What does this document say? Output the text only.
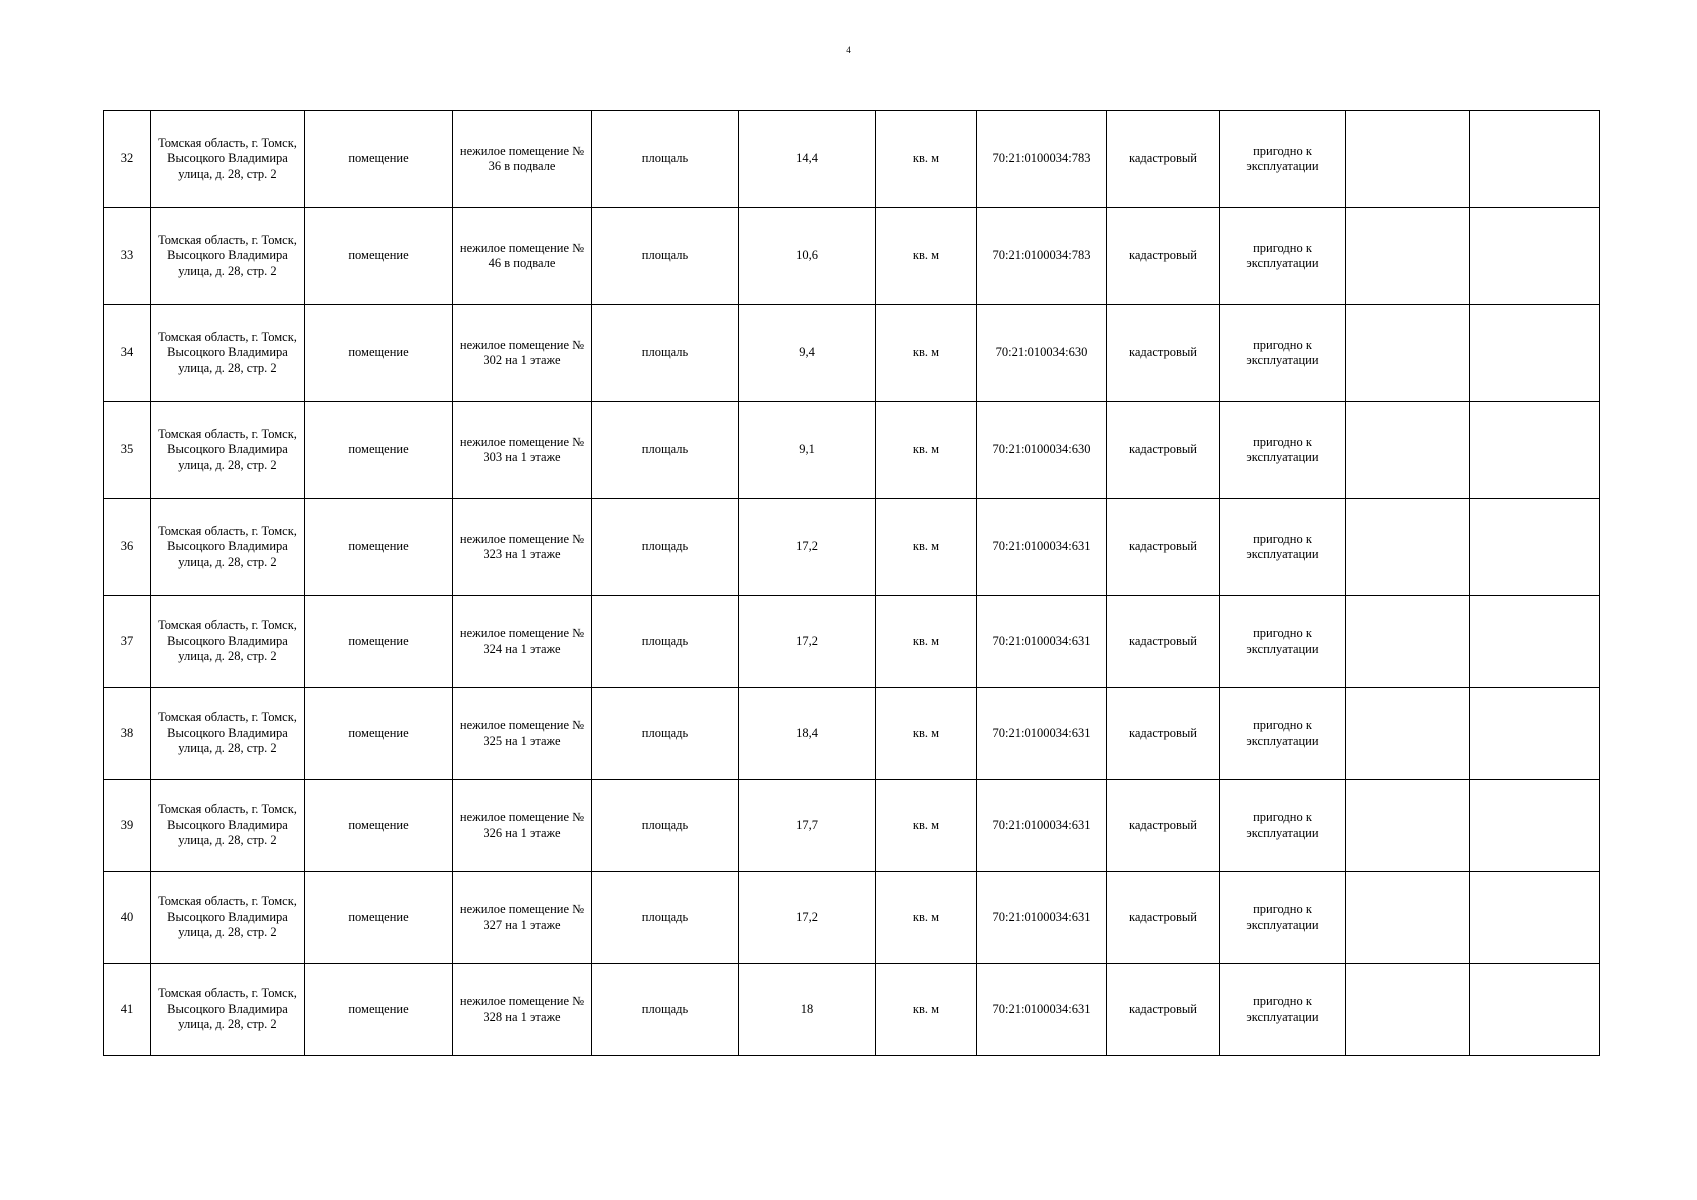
4
32	Томская область, г. Томск, Высоцкого Владимира улица, д. 28, стр. 2	помещение	нежилое помещение № 36 в подвале	площаль	14,4	кв. м	70:21:0100034:783	кадастровый	пригодно к эксплуатации		
33	Томская область, г. Томск, Высоцкого Владимира улица, д. 28, стр. 2	помещение	нежилое помещение № 46 в подвале	площаль	10,6	кв. м	70:21:0100034:783	кадастровый	пригодно к эксплуатации		
34	Томская область, г. Томск, Высоцкого Владимира улица, д. 28, стр. 2	помещение	нежилое помещение № 302 на 1 этаже	площаль	9,4	кв. м	70:21:010034:630	кадастровый	пригодно к эксплуатации		
35	Томская область, г. Томск, Высоцкого Владимира улица, д. 28, стр. 2	помещение	нежилое помещение № 303 на 1 этаже	площаль	9,1	кв. м	70:21:0100034:630	кадастровый	пригодно к эксплуатации		
36	Томская область, г. Томск, Высоцкого Владимира улица, д. 28, стр. 2	помещение	нежилое помещение № 323 на 1 этаже	площадь	17,2	кв. м	70:21:0100034:631	кадастровый	пригодно к эксплуатации		
37	Томская область, г. Томск, Высоцкого Владимира улица, д. 28, стр. 2	помещение	нежилое помещение № 324 на 1 этаже	площадь	17,2	кв. м	70:21:0100034:631	кадастровый	пригодно к эксплуатации		
38	Томская область, г. Томск, Высоцкого Владимира улица, д. 28, стр. 2	помещение	нежилое помещение № 325 на 1 этаже	площадь	18,4	кв. м	70:21:0100034:631	кадастровый	пригодно к эксплуатации		
39	Томская область, г. Томск, Высоцкого Владимира улица, д. 28, стр. 2	помещение	нежилое помещение № 326 на 1 этаже	площадь	17,7	кв. м	70:21:0100034:631	кадастровый	пригодно к эксплуатации		
40	Томская область, г. Томск, Высоцкого Владимира улица, д. 28, стр. 2	помещение	нежилое помещение № 327 на 1 этаже	площадь	17,2	кв. м	70:21:0100034:631	кадастровый	пригодно к эксплуатации		
41	Томская область, г. Томск, Высоцкого Владимира улица, д. 28, стр. 2	помещение	нежилое помещение № 328 на 1 этаже	площадь	18	кв. м	70:21:0100034:631	кадастровый	пригодно к эксплуатации		
